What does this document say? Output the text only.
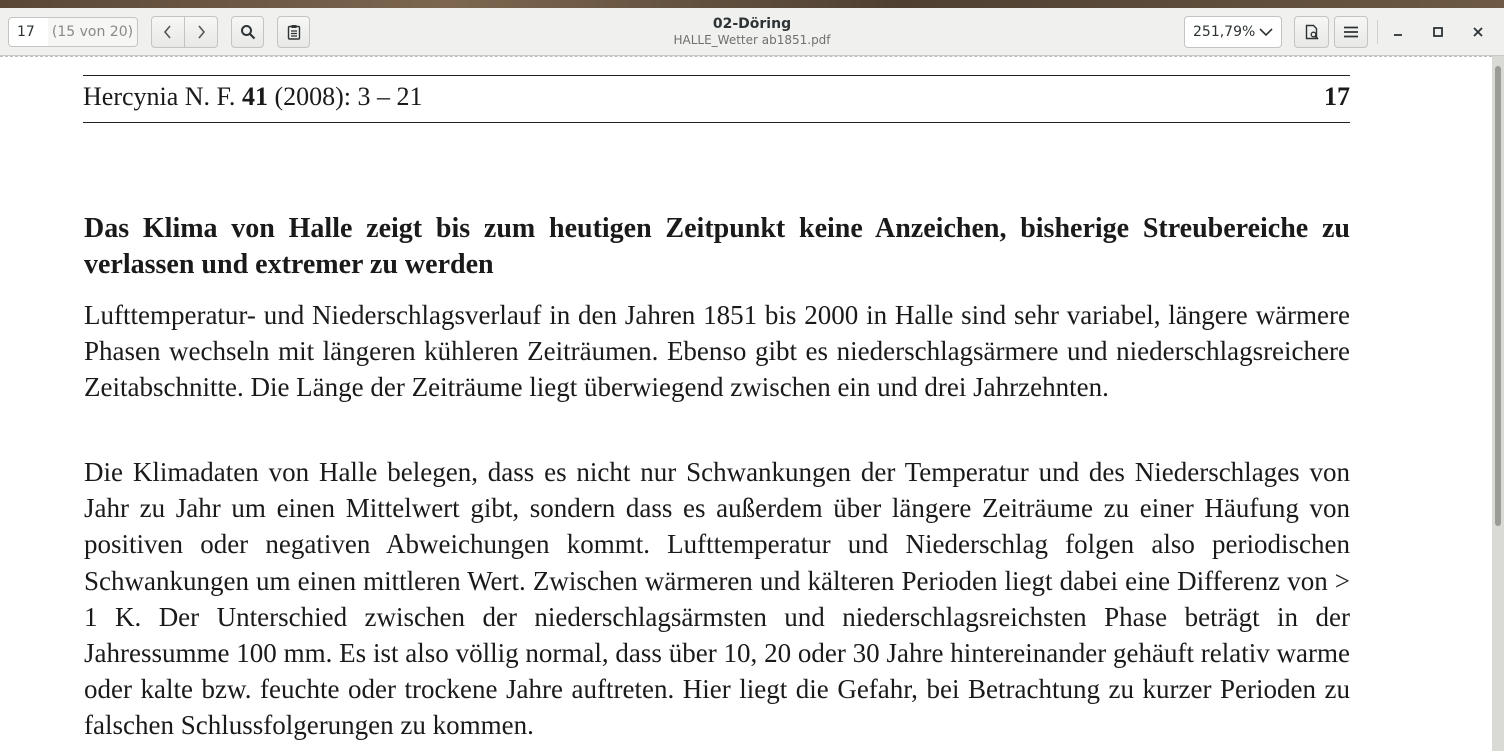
17	(15 von 20)	02-Döring
HALLE_Wetter ab1851.pdf	251,79%
Hercynia N. F. 41 (2008): 3 – 21	17
Das Klima von Halle zeigt bis zum heutigen Zeitpunkt keine Anzeichen, bisherige Streubereiche zu verlassen und extremer zu werden
Lufttemperatur- und Niederschlagsverlauf in den Jahren 1851 bis 2000 in Halle sind sehr variabel, längere wärmere Phasen wechseln mit längeren kühleren Zeiträumen. Ebenso gibt es niederschlagsärmere und niederschlagsreichere Zeitabschnitte. Die Länge der Zeiträume liegt überwiegend zwischen ein und drei Jahrzehnten.
Die Klimadaten von Halle belegen, dass es nicht nur Schwankungen der Temperatur und des Niederschlages von Jahr zu Jahr um einen Mittelwert gibt, sondern dass es außerdem über längere Zeiträume zu einer Häufung von positiven oder negativen Abweichungen kommt. Lufttemperatur und Niederschlag folgen also periodischen Schwankungen um einen mittleren Wert. Zwischen wärmeren und kälteren Perioden liegt dabei eine Differenz von > 1 K. Der Unterschied zwischen der niederschlagsärmsten und niederschlagsreichsten Phase beträgt in der Jahressumme 100 mm. Es ist also völlig normal, dass über 10, 20 oder 30 Jahre hintereinander gehäuft relativ warme oder kalte bzw. feuchte oder trockene Jahre auftreten. Hier liegt die Gefahr, bei Betrachtung zu kurzer Perioden zu falschen Schlussfolgerungen zu kommen.
